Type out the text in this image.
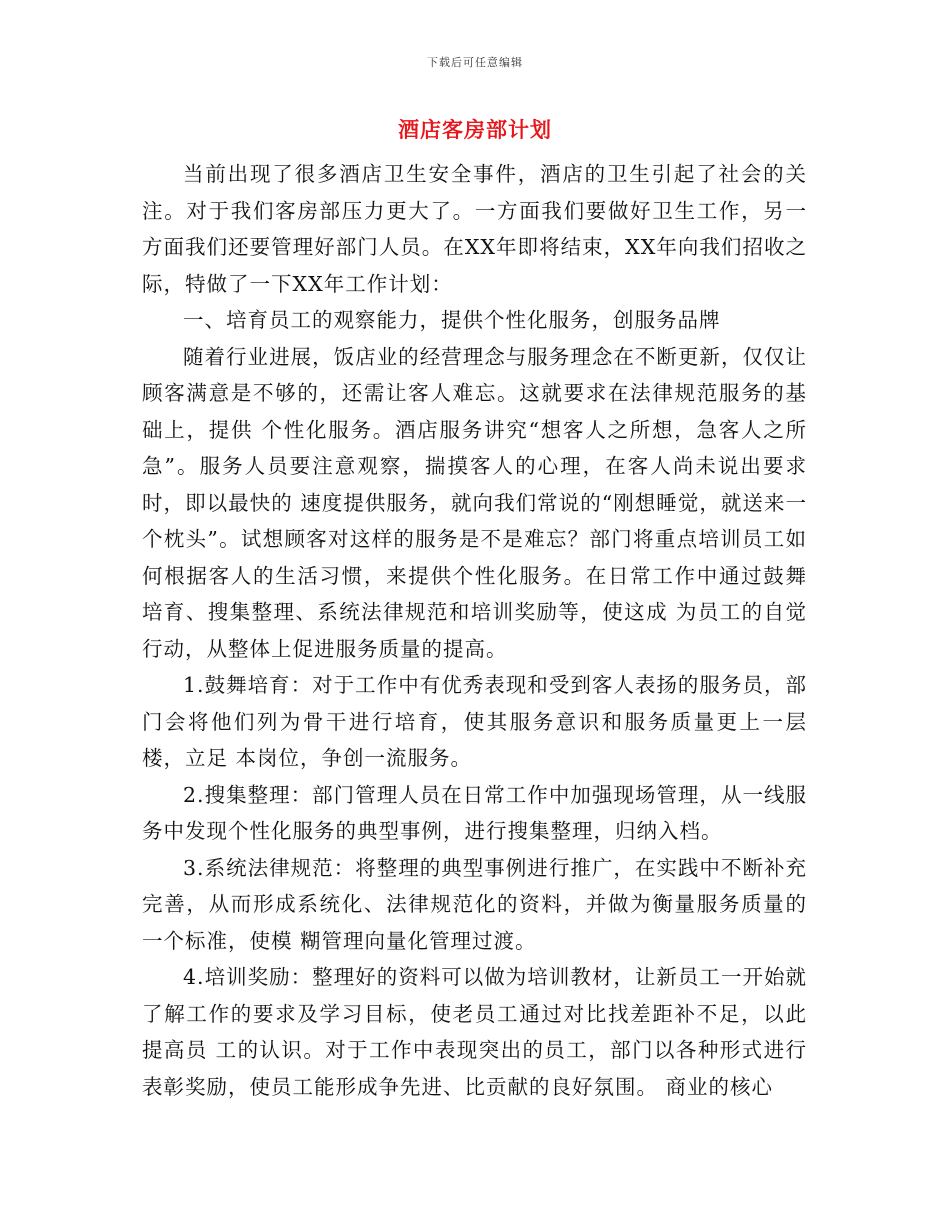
下载后可任意编辑
酒店客房部计划

当前出现了很多酒店卫生安全事件，酒店的卫生引起了社会的关注。对于我们客房部压力更大了。一方面我们要做好卫生工作，另一方面我们还要管理好部门人员。在XX年即将结束，XX年向我们招收之际，特做了一下XX年工作计划：

一、培育员工的观察能力，提供个性化服务，创服务品牌

随着行业进展，饭店业的经营理念与服务理念在不断更新，仅仅让顾客满意是不够的，还需让客人难忘。这就要求在法律规范服务的基础上，提供 个性化服务。酒店服务讲究“想客人之所想，急客人之所急”。服务人员要注意观察，揣摸客人的心理，在客人尚未说出要求时，即以最快的 速度提供服务，就向我们常说的“刚想睡觉，就送来一个枕头”。试想顾客对这样的服务是不是难忘？部门将重点培训员工如何根据客人的生活习惯，来提供个性化服务。在日常工作中通过鼓舞培育、搜集整理、系统法律规范和培训奖励等，使这成 为员工的自觉行动，从整体上促进服务质量的提高。

1.鼓舞培育：对于工作中有优秀表现和受到客人表扬的服务员，部门会将他们列为骨干进行培育，使其服务意识和服务质量更上一层楼，立足 本岗位，争创一流服务。

2.搜集整理：部门管理人员在日常工作中加强现场管理，从一线服务中发现个性化服务的典型事例，进行搜集整理，归纳入档。

3.系统法律规范：将整理的典型事例进行推广，在实践中不断补充完善，从而形成系统化、法律规范化的资料，并做为衡量服务质量的一个标准，使模 糊管理向量化管理过渡。

4.培训奖励：整理好的资料可以做为培训教材，让新员工一开始就了解工作的要求及学习目标，使老员工通过对比找差距补不足，以此提高员 工的认识。对于工作中表现突出的员工，部门以各种形式进行表彰奖励，使员工能形成争先进、比贡献的良好氛围。 商业的核心
